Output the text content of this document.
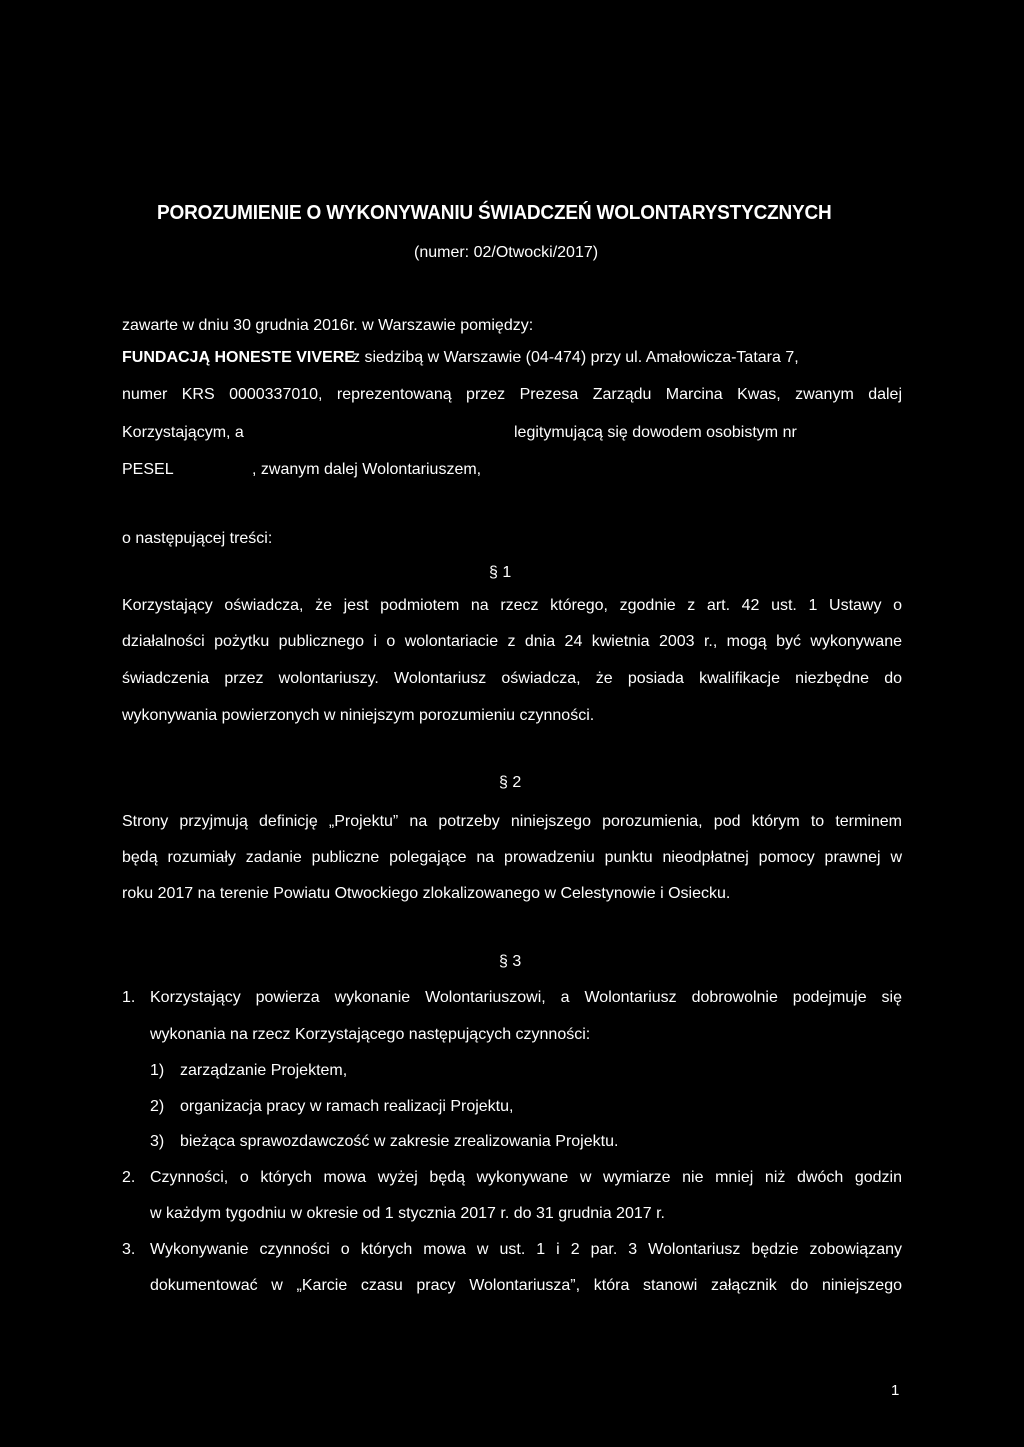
POROZUMIENIE O WYKONYWANIU ŚWIADCZEŃ WOLONTARYSTYCZNYCH
(numer: 02/Otwocki/2017)
zawarte w dniu 30 grudnia 2016r. w Warszawie pomiędzy:
FUNDACJĄ HONESTE VIVERE
z siedzibą w Warszawie (04-474) przy ul. Amałowicza-Tatara 7,
numer KRS 0000337010, reprezentowaną przez Prezesa Zarządu Marcina Kwas, zwanym dalej
Korzystającym, a	legitymującą się dowodem osobistym nr
PESEL	, zwanym dalej Wolontariuszem,
o następującej treści:
§ 1
Korzystający oświadcza, że jest podmiotem na rzecz którego, zgodnie z art. 42 ust. 1 Ustawy o
działalności pożytku publicznego i o wolontariacie z dnia 24 kwietnia 2003 r., mogą być wykonywane
świadczenia przez wolontariuszy. Wolontariusz oświadcza, że posiada kwalifikacje niezbędne do
wykonywania powierzonych w niniejszym porozumieniu czynności.
§ 2
Strony przyjmują definicję „Projektu” na potrzeby niniejszego porozumienia, pod którym to terminem
będą rozumiały zadanie publiczne polegające na prowadzeniu punktu nieodpłatnej pomocy prawnej w
roku 2017 na terenie Powiatu Otwockiego zlokalizowanego w Celestynowie i Osiecku.
§ 3
1. Korzystający powierza wykonanie Wolontariuszowi, a Wolontariusz dobrowolnie podejmuje się
wykonania na rzecz Korzystającego następujących czynności:
1) zarządzanie Projektem,
2) organizacja pracy w ramach realizacji Projektu,
3) bieżąca sprawozdawczość w zakresie zrealizowania Projektu.
2. Czynności, o których mowa wyżej będą wykonywane w wymiarze nie mniej niż dwóch godzin
w każdym tygodniu w okresie od 1 stycznia 2017 r. do 31 grudnia 2017 r.
3. Wykonywanie czynności o których mowa w ust. 1 i 2 par. 3 Wolontariusz będzie zobowiązany
dokumentować w „Karcie czasu pracy Wolontariusza”, która stanowi załącznik do niniejszego
1
